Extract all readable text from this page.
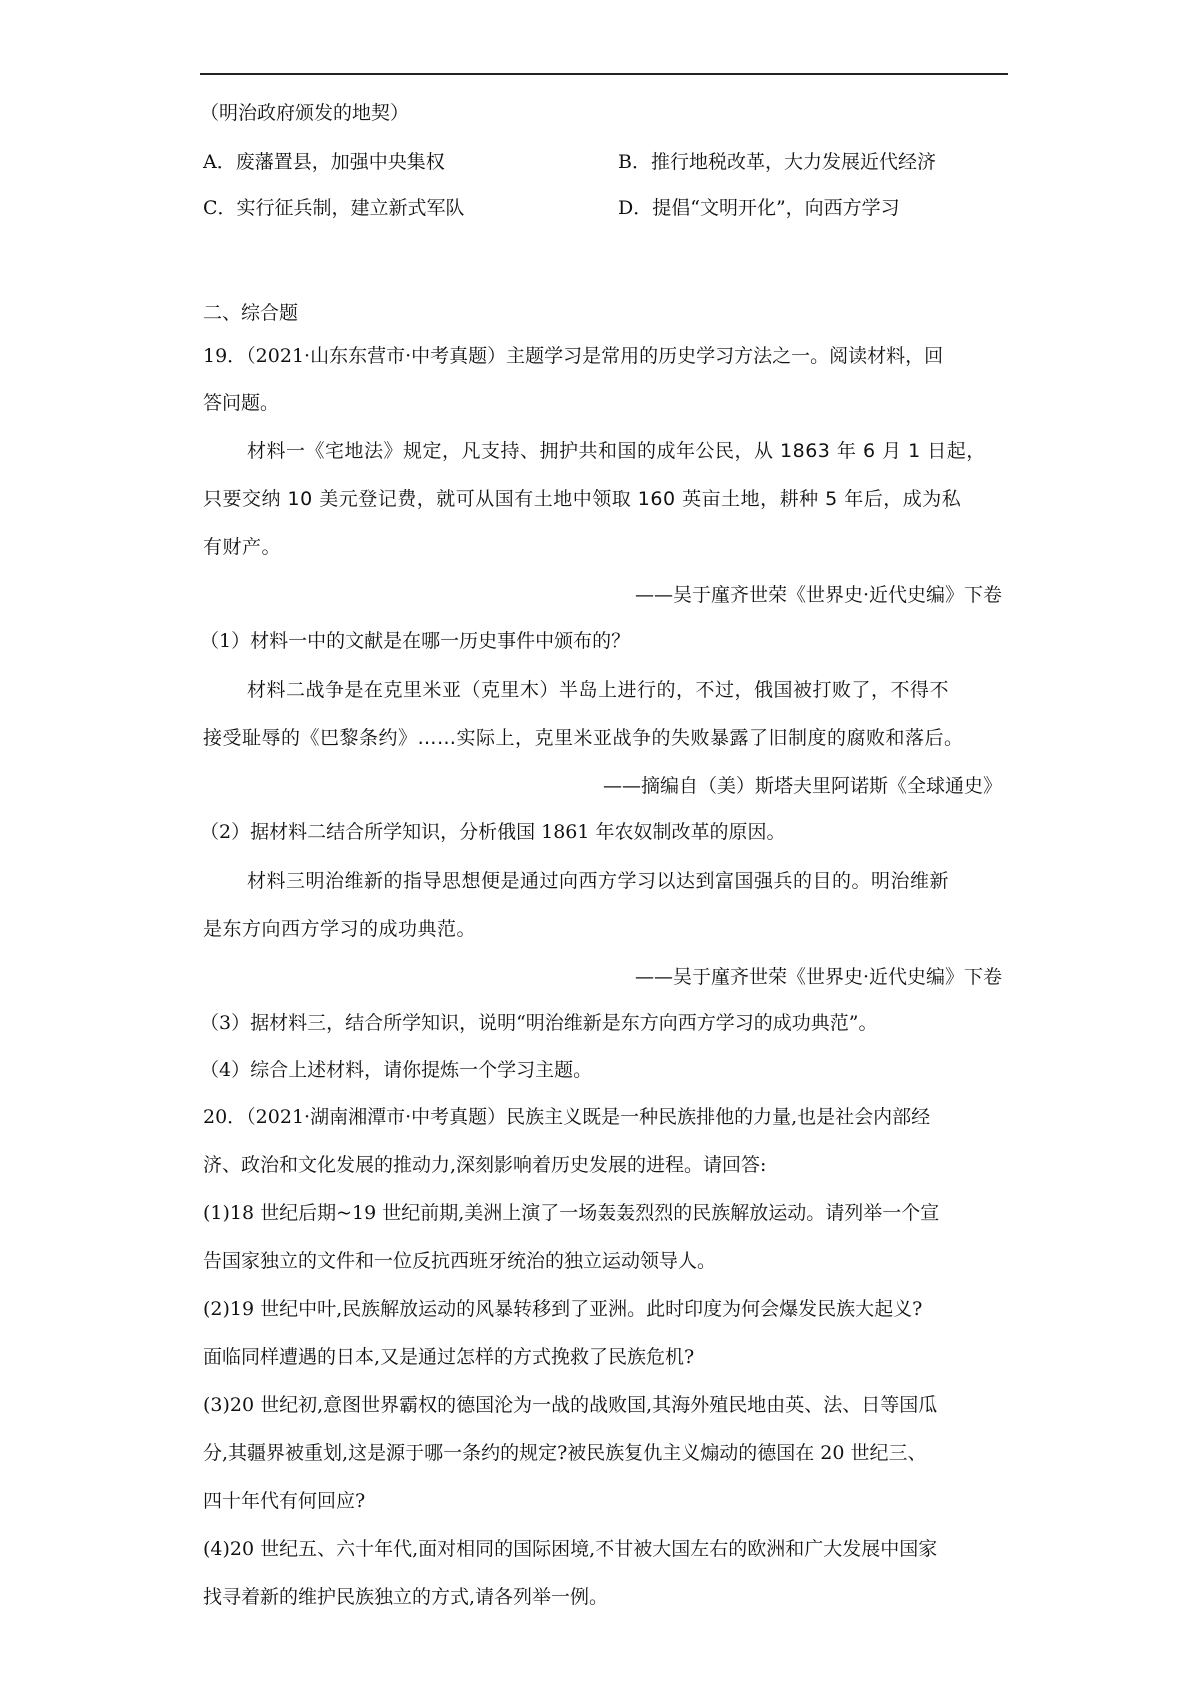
（明治政府颁发的地契）
A．废藩置县，加强中央集权	B．推行地税改革，大力发展近代经济
C．实行征兵制，建立新式军队	D．提倡“文明开化”，向西方学习
二、综合题
19．（2021·山东东营市·中考真题）主题学习是常用的历史学习方法之一。阅读材料，回
答问题。
材料一《宅地法》规定，凡支持、拥护共和国的成年公民，从 1863 年 6 月 1 日起，
只要交纳 10 美元登记费，就可从国有土地中领取 160 英亩土地，耕种 5 年后，成为私
有财产。
——吴于廑齐世荣《世界史·近代史编》下卷
（1）材料一中的文献是在哪一历史事件中颁布的？
材料二战争是在克里米亚（克里木）半岛上进行的，不过，俄国被打败了，不得不
接受耻辱的《巴黎条约》……实际上，克里米亚战争的失败暴露了旧制度的腐败和落后。
——摘编自（美）斯塔夫里阿诺斯《全球通史》
（2）据材料二结合所学知识，分析俄国 1861 年农奴制改革的原因。
材料三明治维新的指导思想便是通过向西方学习以达到富国强兵的目的。明治维新
是东方向西方学习的成功典范。
——吴于廑齐世荣《世界史·近代史编》下卷
（3）据材料三，结合所学知识，说明“明治维新是东方向西方学习的成功典范”。
（4）综合上述材料，请你提炼一个学习主题。
20．（2021·湖南湘潭市·中考真题）民族主义既是一种民族排他的力量,也是社会内部经
济、政治和文化发展的推动力,深刻影响着历史发展的进程。请回答:
(1)18 世纪后期~19 世纪前期,美洲上演了一场轰轰烈烈的民族解放运动。请列举一个宣
告国家独立的文件和一位反抗西班牙统治的独立运动领导人。
(2)19 世纪中叶,民族解放运动的风暴转移到了亚洲。此时印度为何会爆发民族大起义?
面临同样遭遇的日本,又是通过怎样的方式挽救了民族危机?
(3)20 世纪初,意图世界霸权的德国沦为一战的战败国,其海外殖民地由英、法、日等国瓜
分,其疆界被重划,这是源于哪一条约的规定?被民族复仇主义煽动的德国在 20 世纪三、
四十年代有何回应?
(4)20 世纪五、六十年代,面对相同的国际困境,不甘被大国左右的欧洲和广大发展中国家
找寻着新的维护民族独立的方式,请各列举一例。
